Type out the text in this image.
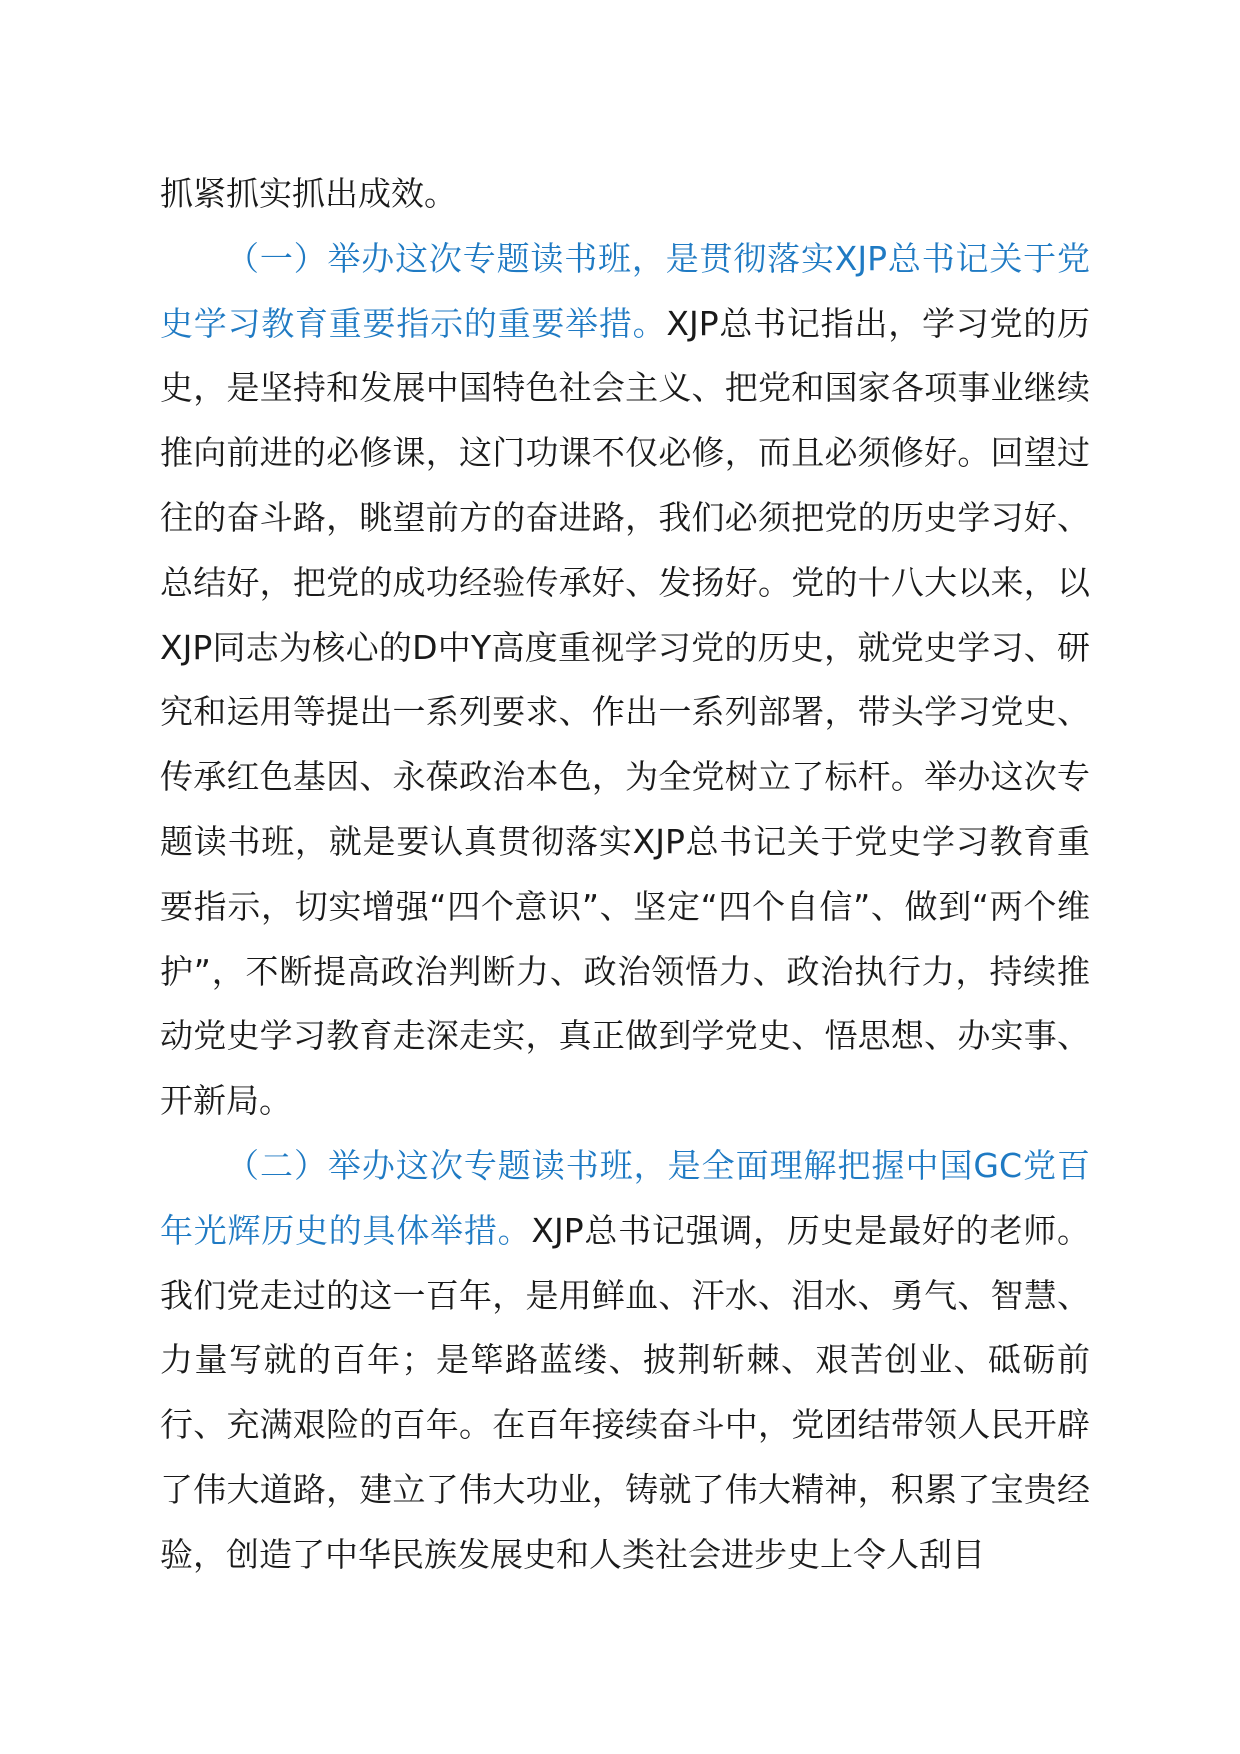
抓紧抓实抓出成效。

（一）举办这次专题读书班，是贯彻落实XJP总书记关于党史学习教育重要指示的重要举措。XJP总书记指出，学习党的历史，是坚持和发展中国特色社会主义、把党和国家各项事业继续推向前进的必修课，这门功课不仅必修，而且必须修好。回望过往的奋斗路，眺望前方的奋进路，我们必须把党的历史学习好、总结好，把党的成功经验传承好、发扬好。党的十八大以来，以XJP同志为核心的D中Y高度重视学习党的历史，就党史学习、研究和运用等提出一系列要求、作出一系列部署，带头学习党史、传承红色基因、永葆政治本色，为全党树立了标杆。举办这次专题读书班，就是要认真贯彻落实XJP总书记关于党史学习教育重要指示，切实增强“四个意识”、坚定“四个自信”、做到“两个维护”，不断提高政治判断力、政治领悟力、政治执行力，持续推动党史学习教育走深走实，真正做到学党史、悟思想、办实事、开新局。

（二）举办这次专题读书班，是全面理解把握中国GC党百年光辉历史的具体举措。XJP总书记强调，历史是最好的老师。我们党走过的这一百年，是用鲜血、汗水、泪水、勇气、智慧、力量写就的百年；是筚路蓝缕、披荆斩棘、艰苦创业、砥砺前行、充满艰险的百年。在百年接续奋斗中，党团结带领人民开辟了伟大道路，建立了伟大功业，铸就了伟大精神，积累了宝贵经验，创造了中华民族发展史和人类社会进步史上令人刮目
